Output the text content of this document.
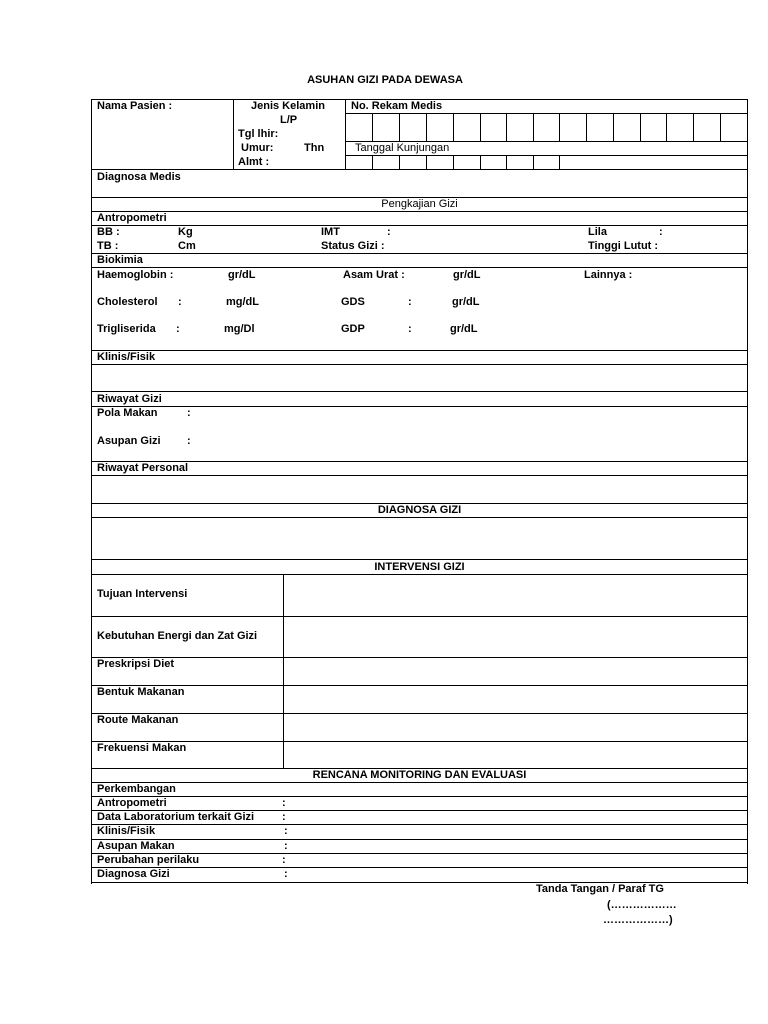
ASUHAN GIZI PADA DEWASA
Nama Pasien :	Jenis Kelamin
L/P
Tgl lhir:
Umur:	Thn
Almt :
No. Rekam Medis
Tanggal Kunjungan
Diagnosa Medis
Pengkajian Gizi
Antropometri
BB :	Kg	IMT	:	Lila	:
TB :	Cm	Status Gizi :	Tinggi Lutut :
Biokimia
Haemoglobin :	gr/dL	Asam Urat :	gr/dL	Lainnya :
Cholesterol :	mg/dL	GDS	:	gr/dL
Trigliserida :	mg/Dl	GDP	:	gr/dL
Klinis/Fisik
Riwayat Gizi
Pola Makan	:
Asupan Gizi :
Riwayat Personal
DIAGNOSA GIZI
INTERVENSI GIZI
Tujuan Intervensi
Kebutuhan Energi dan Zat Gizi
Preskripsi Diet
Bentuk Makanan
Route Makanan
Frekuensi Makan
RENCANA MONITORING DAN EVALUASI
Perkembangan
Antropometri	:
Data Laboratorium terkait Gizi	:
Klinis/Fisik	:
Asupan Makan	:
Perubahan perilaku	:
Diagnosa Gizi	:
Tanda Tangan / Paraf TG
(………………
………………)
